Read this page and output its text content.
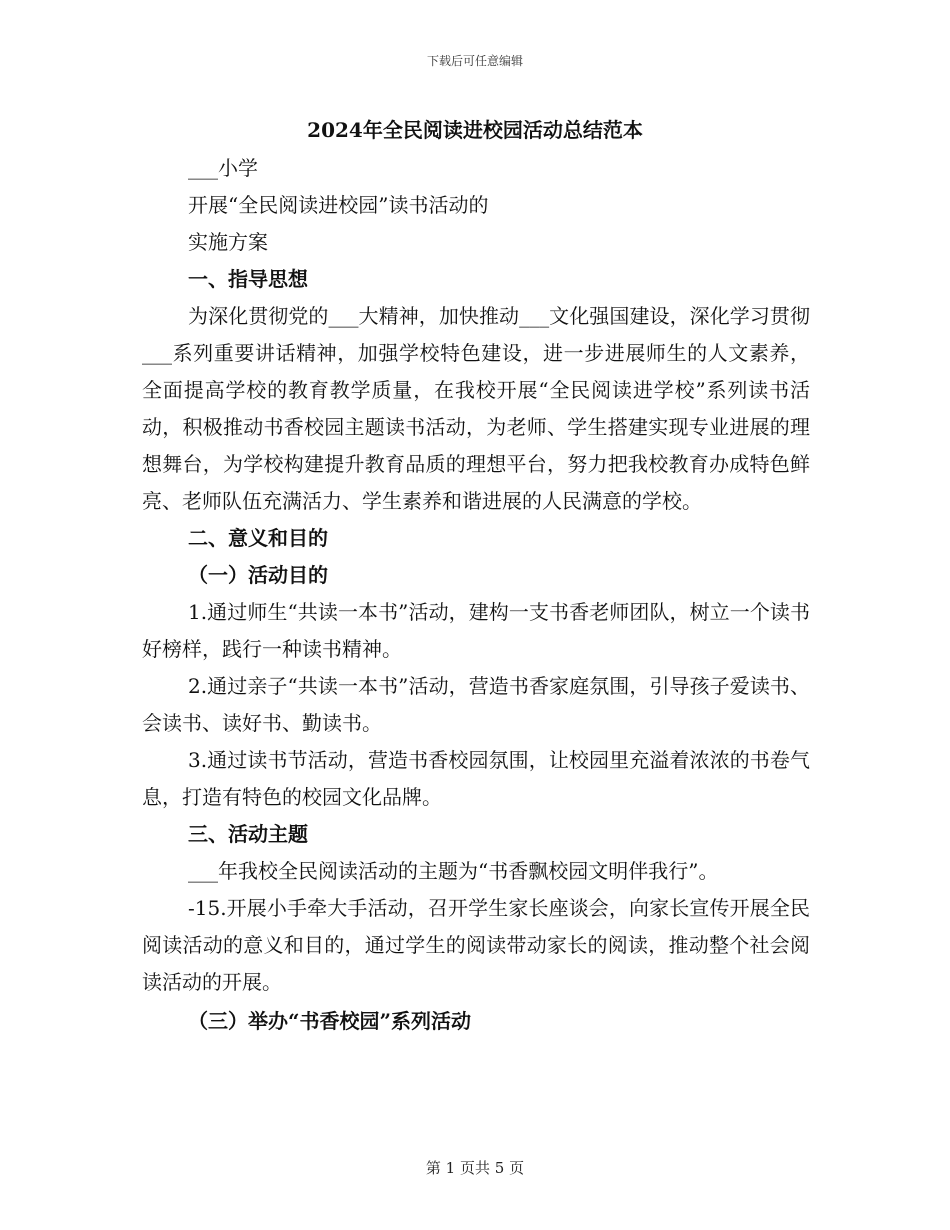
下载后可任意编辑
2024年全民阅读进校园活动总结范本
___小学
开展“全民阅读进校园”读书活动的
实施方案
一、指导思想

为深化贯彻党的___大精神，加快推动___文化强国建设，深化学习贯彻___系列重要讲话精神，加强学校特色建设，进一步进展师生的人文素养，全面提高学校的教育教学质量，在我校开展“全民阅读进学校”系列读书活动，积极推动书香校园主题读书活动，为老师、学生搭建实现专业进展的理想舞台，为学校构建提升教育品质的理想平台，努力把我校教育办成特色鲜亮、老师队伍充满活力、学生素养和谐进展的人民满意的学校。

二、意义和目的
（一）活动目的

1.通过师生“共读一本书”活动，建构一支书香老师团队，树立一个读书好榜样，践行一种读书精神。

2.通过亲子“共读一本书”活动，营造书香家庭氛围，引导孩子爱读书、会读书、读好书、勤读书。

3.通过读书节活动，营造书香校园氛围，让校园里充溢着浓浓的书卷气息，打造有特色的校园文化品牌。

三、活动主题

___年我校全民阅读活动的主题为“书香飘校园文明伴我行”。

-15.开展小手牵大手活动，召开学生家长座谈会，向家长宣传开展全民阅读活动的意义和目的，通过学生的阅读带动家长的阅读，推动整个社会阅读活动的开展。

（三）举办“书香校园”系列活动
第 1 页共 5 页
